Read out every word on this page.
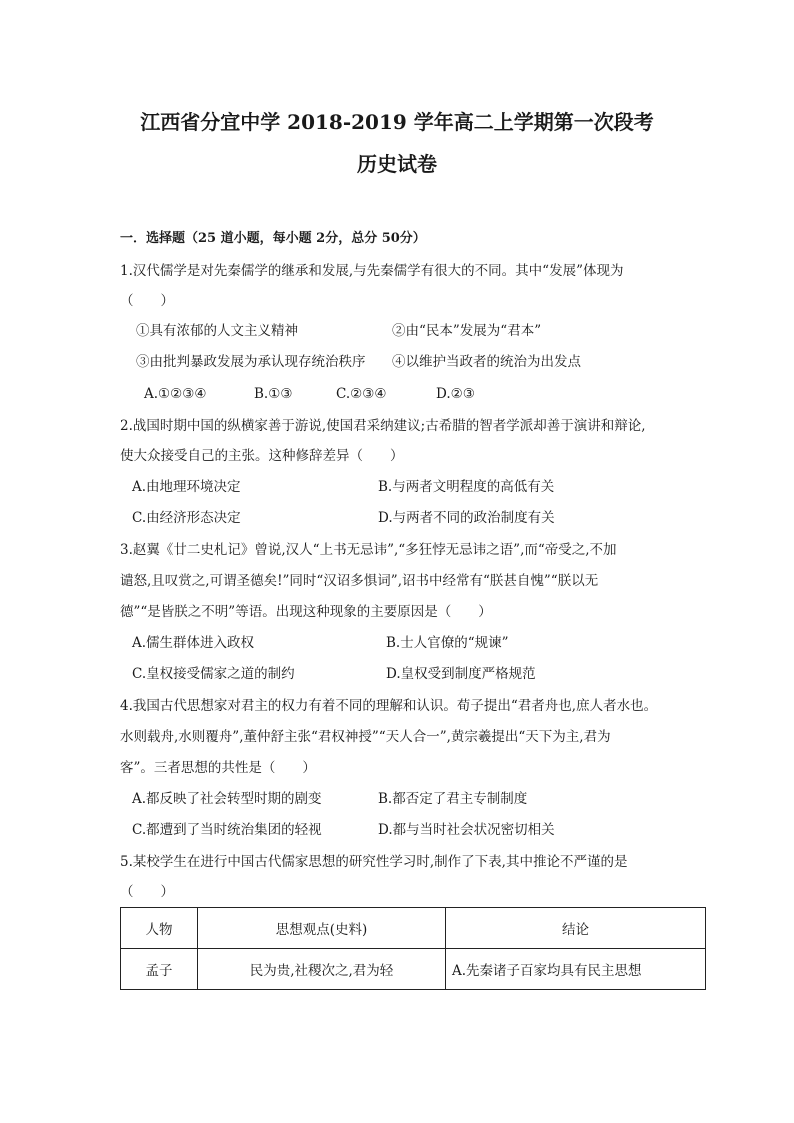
江西省分宜中学 2018-2019 学年高二上学期第一次段考
历史试卷
一．选择题（25 道小题，每小题 2分，总分 50分）
1.汉代儒学是对先秦儒学的继承和发展,与先秦儒学有很大的不同。其中“发展”体现为
（　　）
①具有浓郁的人文主义精神	②由“民本”发展为“君本”
③由批判暴政发展为承认现存统治秩序 ④以维护当政者的统治为出发点
A.①②③④	B.①③	C.②③④	D.②③
2.战国时期中国的纵横家善于游说,使国君采纳建议;古希腊的智者学派却善于演讲和辩论,
使大众接受自己的主张。这种修辞差异（　　）
A.由地理环境决定	B.与两者文明程度的高低有关
C.由经济形态决定	D.与两者不同的政治制度有关
3.赵翼《廿二史札记》曾说,汉人“上书无忌讳”,“多狂悖无忌讳之语”,而“帝受之,不加
谴怒,且叹赏之,可谓圣德矣!”同时“汉诏多惧词”,诏书中经常有“朕甚自愧”“朕以无
德”“是皆朕之不明”等语。出现这种现象的主要原因是（　　）
A.儒生群体进入政权	B.士人官僚的“规谏”
C.皇权接受儒家之道的制约	D.皇权受到制度严格规范
4.我国古代思想家对君主的权力有着不同的理解和认识。荀子提出“君者舟也,庶人者水也。
水则载舟,水则覆舟”,董仲舒主张“君权神授”“天人合一”,黄宗羲提出“天下为主,君为
客”。三者思想的共性是（　　）
A.都反映了社会转型时期的剧变	B.都否定了君主专制制度
C.都遭到了当时统治集团的轻视	D.都与当时社会状况密切相关
5.某校学生在进行中国古代儒家思想的研究性学习时,制作了下表,其中推论不严谨的是
（　　）
人物	思想观点(史料)	结论
孟子	民为贵,社稷次之,君为轻	A.先秦诸子百家均具有民主思想
